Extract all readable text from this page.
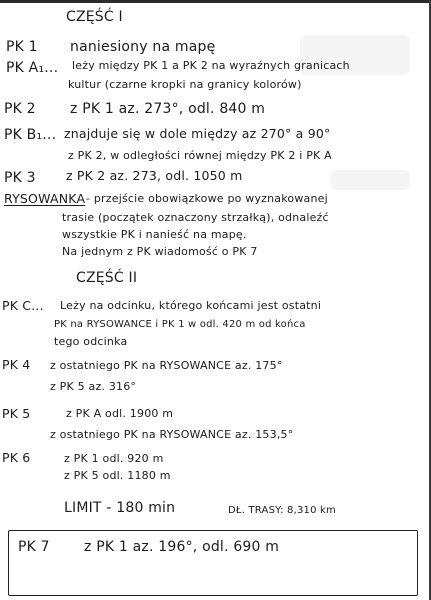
CZĘŚĆ I
PK 1 naniesiony na mapę
PK A₁... leży między PK 1 a PK 2 na wyraźnych granicach
kultur (czarne kropki na granicy kolorów)
PK 2 z PK 1 az. 273°, odl. 840 m
PK B₁... znajduje się w dole między az 270° a 90°
z PK 2, w odległości równej między PK 2 i PK A
PK 3 z PK 2 az. 273, odl. 1050 m
RYSOWANKA - przejście obowiązkowe po wyznakowanej
trasie (początek oznaczony strzałką), odnaleźć
wszystkie PK i nanieść na mapę.
Na jednym z PK wiadomość o PK 7
CZĘŚĆ II
PK C... Leży na odcinku, którego końcami jest ostatni
PK na RYSOWANCE i PK 1 w odl. 420 m od końca
tego odcinka
PK 4 z ostatniego PK na RYSOWANCE az. 175°
z PK 5 az. 316°
PK 5	z PK A odl. 1900 m
z ostatniego PK na RYSOWANCE az. 153,5°
PK 6	z PK 1 odl. 920 m
z PK 5 odl. 1180 m
LIMIT - 180 min	DŁ. TRASY: 8,310 km
PK 7 z PK 1 az. 196°, odl. 690 m
